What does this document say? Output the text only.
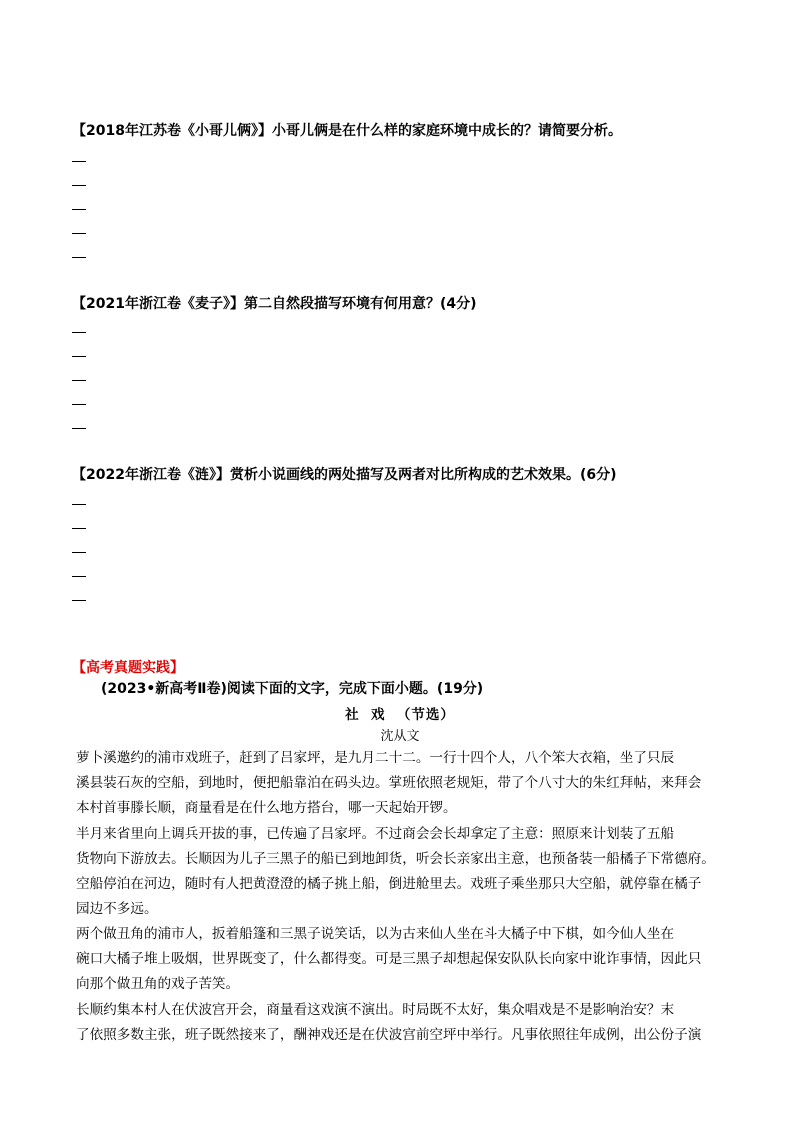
【2018年江苏卷《小哥儿俩》】小哥儿俩是在什么样的家庭环境中成长的？请简要分析。
【2021年浙江卷《麦子》】第二自然段描写环境有何用意？(4分)
【2022年浙江卷《涟》】赏析小说画线的两处描写及两者对比所构成的艺术效果。(6分)
【高考真题实践】
(2023•新高考Ⅱ卷)阅读下面的文字，完成下面小题。(19分)
社  戏  （节选）
沈从文
萝卜溪邀约的浦市戏班子，赶到了吕家坪，是九月二十二。一行十四个人，八个笨大衣箱，坐了只辰
溪县装石灰的空船，到地时，便把船靠泊在码头边。掌班依照老规矩，带了个八寸大的朱红拜帖，来拜会
本村首事滕长顺，商量看是在什么地方搭台，哪一天起始开锣。
半月来省里向上调兵开拔的事，已传遍了吕家坪。不过商会会长却拿定了主意：照原来计划装了五船
货物向下游放去。长顺因为儿子三黑子的船已到地卸货，听会长亲家出主意，也预备装一船橘子下常德府。
空船停泊在河边，随时有人把黄澄澄的橘子挑上船，倒进舱里去。戏班子乘坐那只大空船，就停靠在橘子
园边不多远。
两个做丑角的浦市人，扳着船篷和三黑子说笑话，以为古来仙人坐在斗大橘子中下棋，如今仙人坐在
碗口大橘子堆上吸烟，世界既变了，什么都得变。可是三黑子却想起保安队队长向家中讹诈事情，因此只
向那个做丑角的戏子苦笑。
长顺约集本村人在伏波宫开会，商量看这戏演不演出。时局既不太好，集众唱戏是不是影响治安？末
了依照多数主张，班子既然接来了，酬神戏还是在伏波宫前空坪中举行。凡事依照往年成例，出公份子演
